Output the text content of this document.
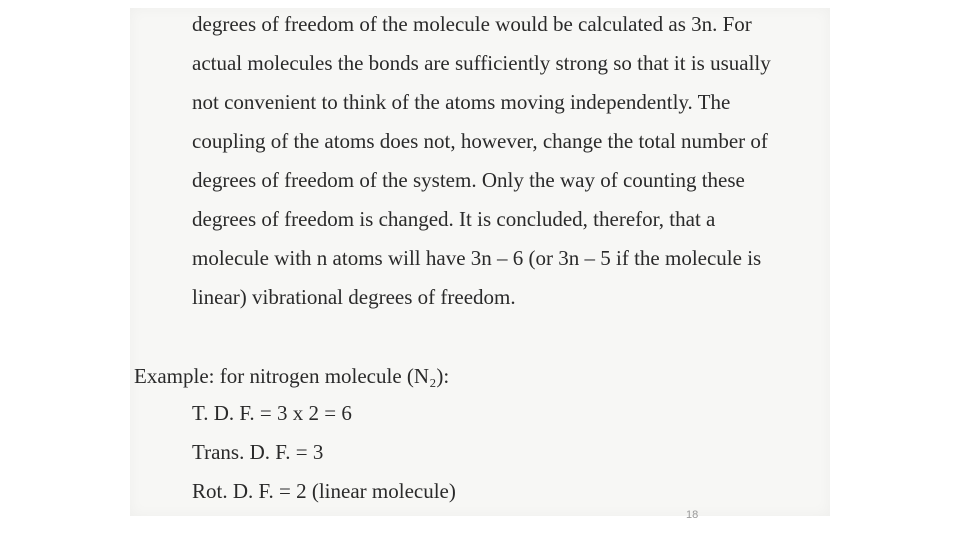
degrees of freedom of the molecule would be calculated as 3n. For
actual molecules the bonds are sufficiently strong so that it is usually
not convenient to think of the atoms moving independently. The
coupling of the atoms does not, however, change the total number of
degrees of freedom of the system. Only the way of counting these
degrees of freedom is changed. It is concluded, therefor, that a
molecule with n atoms will have 3n – 6 (or 3n – 5 if the molecule is
linear) vibrational degrees of freedom.
Example: for nitrogen molecule (N₂):
T. D. F. = 3 x 2 = 6
Trans. D. F. = 3
Rot. D. F. = 2 (linear molecule)
18
